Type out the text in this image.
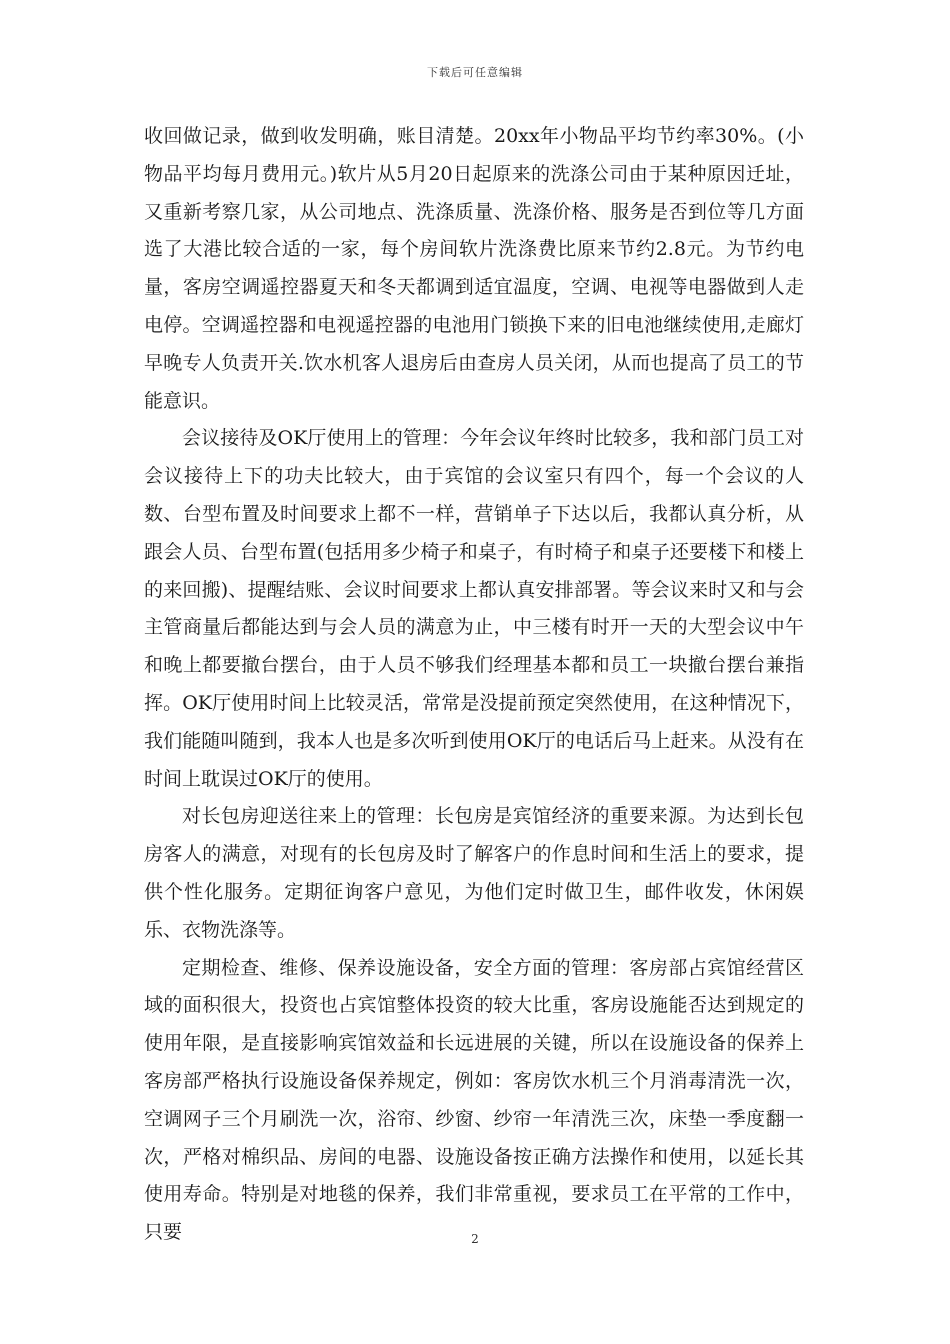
下载后可任意编辑

收回做记录，做到收发明确，账目清楚。20xx年小物品平均节约率30%。(小物品平均每月费用元。)软片从5月20日起原来的洗涤公司由于某种原因迁址，又重新考察几家，从公司地点、洗涤质量、洗涤价格、服务是否到位等几方面选了大港比较合适的一家，每个房间软片洗涤费比原来节约2.8元。为节约电量，客房空调遥控器夏天和冬天都调到适宜温度，空调、电视等电器做到人走电停。空调遥控器和电视遥控器的电池用门锁换下来的旧电池继续使用,走廊灯早晚专人负责开关.饮水机客人退房后由查房人员关闭，从而也提高了员工的节能意识。

会议接待及OK厅使用上的管理：今年会议年终时比较多，我和部门员工对会议接待上下的功夫比较大，由于宾馆的会议室只有四个，每一个会议的人数、台型布置及时间要求上都不一样，营销单子下达以后，我都认真分析，从跟会人员、台型布置(包括用多少椅子和桌子，有时椅子和桌子还要楼下和楼上的来回搬)、提醒结账、会议时间要求上都认真安排部署。等会议来时又和与会主管商量后都能达到与会人员的满意为止，中三楼有时开一天的大型会议中午和晚上都要撤台摆台，由于人员不够我们经理基本都和员工一块撤台摆台兼指挥。OK厅使用时间上比较灵活，常常是没提前预定突然使用，在这种情况下，我们能随叫随到，我本人也是多次听到使用OK厅的电话后马上赶来。从没有在时间上耽误过OK厅的使用。

对长包房迎送往来上的管理：长包房是宾馆经济的重要来源。为达到长包房客人的满意，对现有的长包房及时了解客户的作息时间和生活上的要求，提供个性化服务。定期征询客户意见，为他们定时做卫生，邮件收发，休闲娱乐、衣物洗涤等。

定期检查、维修、保养设施设备，安全方面的管理：客房部占宾馆经营区域的面积很大，投资也占宾馆整体投资的较大比重，客房设施能否达到规定的使用年限，是直接影响宾馆效益和长远进展的关键，所以在设施设备的保养上客房部严格执行设施设备保养规定，例如：客房饮水机三个月消毒清洗一次，空调网子三个月刷洗一次，浴帘、纱窗、纱帘一年清洗三次，床垫一季度翻一次，严格对棉织品、房间的电器、设施设备按正确方法操作和使用，以延长其使用寿命。特别是对地毯的保养，我们非常重视，要求员工在平常的工作中，只要	2
